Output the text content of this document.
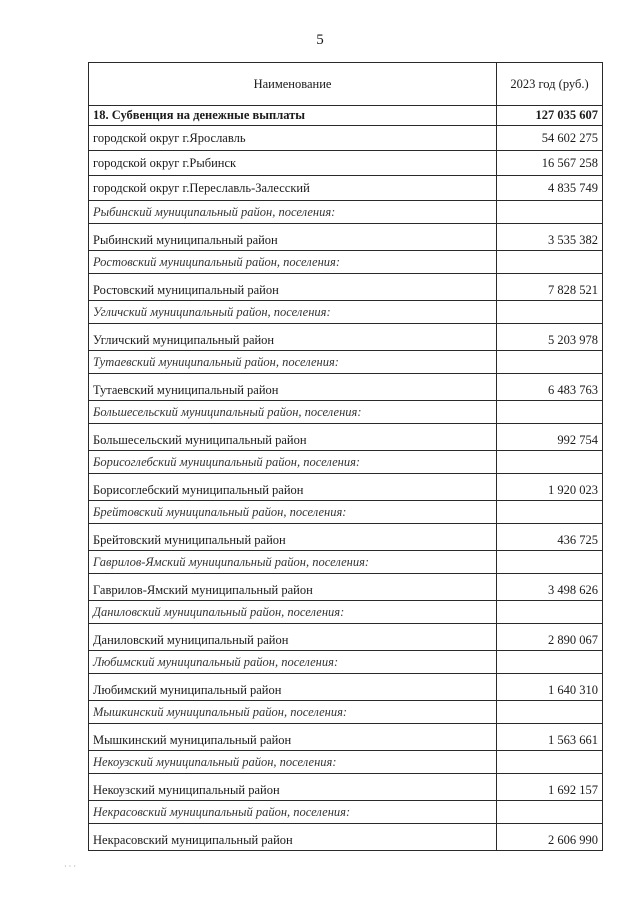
5
Наименование	2023 год (руб.)
18. Субвенция на денежные выплаты	127 035 607
городской округ г.Ярославль	54 602 275
городской округ г.Рыбинск	16 567 258
городской округ г.Переславль-Залесский	4 835 749
Рыбинский муниципальный район, поселения:	
Рыбинский муниципальный район	3 535 382
Ростовский муниципальный район, поселения:	
Ростовский муниципальный район	7 828 521
Угличский муниципальный район, поселения:	
Угличский муниципальный район	5 203 978
Тутаевский муниципальный район, поселения:	
Тутаевский муниципальный район	6 483 763
Большесельский муниципальный район, поселения:	
Большесельский муниципальный район	992 754
Борисоглебский муниципальный район, поселения:	
Борисоглебский муниципальный район	1 920 023
Брейтовский муниципальный район, поселения:	
Брейтовский муниципальный район	436 725
Гаврилов-Ямский муниципальный район, поселения:	
Гаврилов-Ямский муниципальный район	3 498 626
Даниловский муниципальный район, поселения:	
Даниловский муниципальный район	2 890 067
Любимский муниципальный район, поселения:	
Любимский муниципальный район	1 640 310
Мышкинский муниципальный район, поселения:	
Мышкинский муниципальный район	1 563 661
Некоузский муниципальный район, поселения:	
Некоузский муниципальный район	1 692 157
Некрасовский муниципальный район, поселения:	
Некрасовский муниципальный район	2 606 990
· · ·
